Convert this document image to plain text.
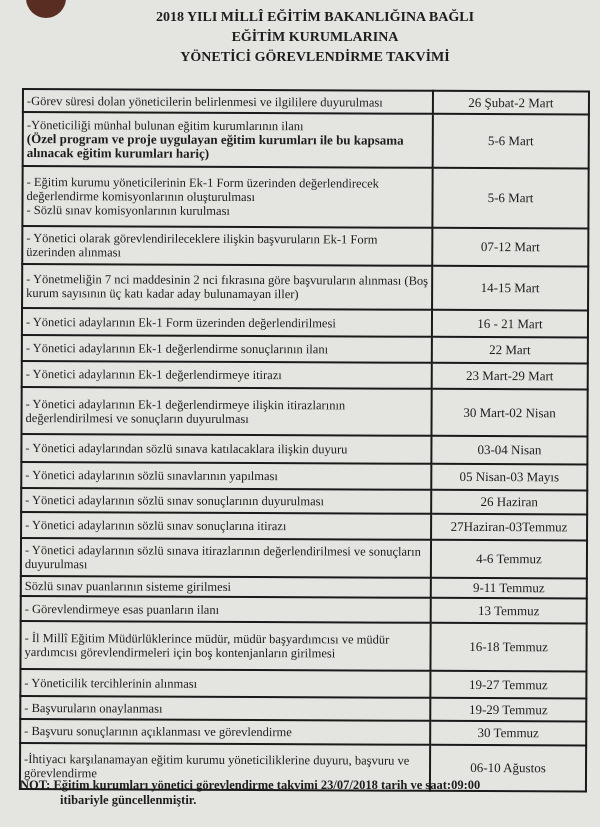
2018 YILI MİLLÎ EĞİTİM BAKANLIĞINA BAĞLI
EĞİTİM KURUMLARINA
YÖNETİCİ GÖREVLENDİRME TAKVİMİ
-Görev süresi dolan yöneticilerin belirlenmesi ve ilgililere duyurulması	26 Şubat-2 Mart

-Yöneticiliği münhal bulunan eğitim kurumlarının ilanı
(Özel program ve proje uygulayan eğitim kurumları ile bu kapsama alınacak eğitim kurumları hariç)	5-6 Mart

- Eğitim kurumu yöneticilerinin Ek-1 Form üzerinden değerlendirecek değerlendirme komisyonlarının oluşturulması
- Sözlü sınav komisyonlarının kurulması	5-6 Mart

- Yönetici olarak görevlendirileceklere ilişkin başvuruların Ek-1 Form üzerinden alınması	07-12 Mart

- Yönetmeliğin 7 nci maddesinin 2 nci fıkrasına göre başvuruların alınması (Boş kurum sayısının üç katı kadar aday bulunamayan iller)	14-15 Mart

- Yönetici adaylarının Ek-1 Form üzerinden değerlendirilmesi	16 - 21 Mart

- Yönetici adaylarının Ek-1 değerlendirme sonuçlarının ilanı	22 Mart

- Yönetici adaylarının Ek-1 değerlendirmeye itirazı	23 Mart-29 Mart

- Yönetici adaylarının Ek-1 değerlendirmeye ilişkin itirazlarının değerlendirilmesi ve sonuçların duyurulması	30 Mart-02 Nisan

- Yönetici adaylarından sözlü sınava katılacaklara ilişkin duyuru	03-04 Nisan

- Yönetici adaylarının sözlü sınavlarının yapılması	05 Nisan-03 Mayıs

- Yönetici adaylarının sözlü sınav sonuçlarının duyurulması	26 Haziran

- Yönetici adaylarının sözlü sınav sonuçlarına itirazı	27Haziran-03Temmuz

- Yönetici adaylarının sözlü sınava itirazlarının değerlendirilmesi ve sonuçların duyurulması	4-6 Temmuz

Sözlü sınav puanlarının sisteme girilmesi	9-11 Temmuz

- Görevlendirmeye esas puanların ilanı	13 Temmuz

- İl Millî Eğitim Müdürlüklerince müdür, müdür başyardımcısı ve müdür yardımcısı görevlendirmeleri için boş kontenjanların girilmesi	16-18 Temmuz

- Yöneticilik tercihlerinin alınması	19-27 Temmuz

- Başvuruların onaylanması	19-29 Temmuz

- Başvuru sonuçlarının açıklanması ve görevlendirme	30 Temmuz

-İhtiyacı karşılanamayan eğitim kurumu yöneticiliklerine duyuru, başvuru ve görevlendirme	06-10 Ağustos
NOT: Eğitim kurumları yönetici görevlendirme takvimi 23/07/2018 tarih ve saat:09:00
itibariyle güncellenmiştir.
